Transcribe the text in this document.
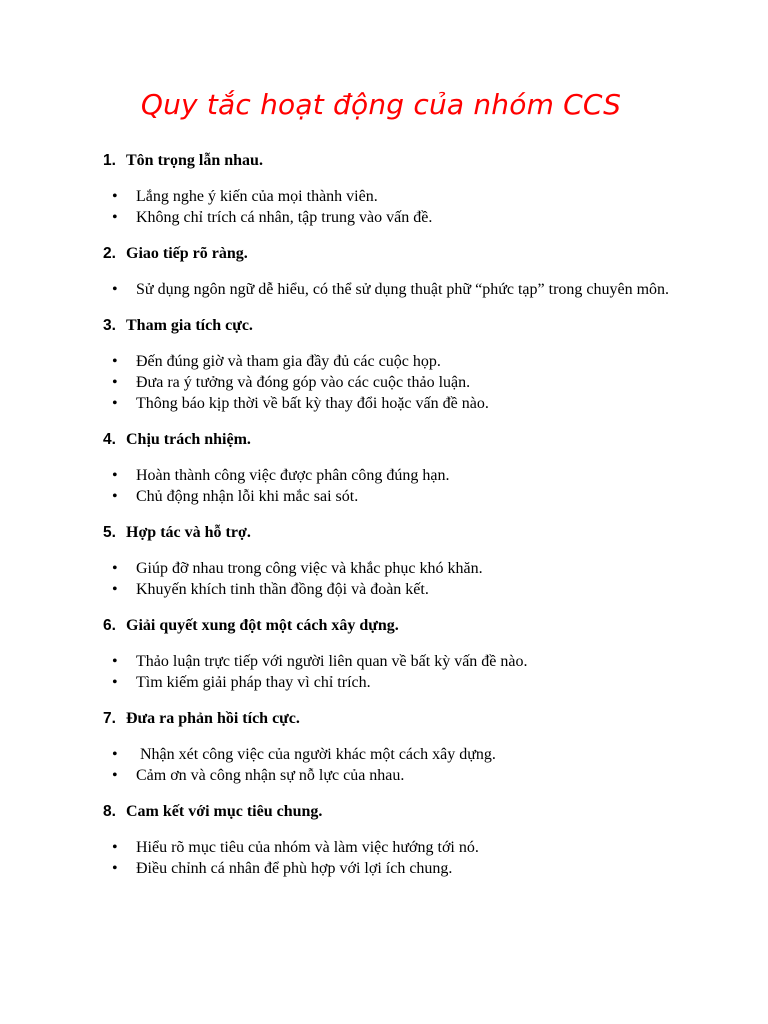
Quy tắc hoạt động của nhóm CCS
1. Tôn trọng lẫn nhau.
• Lắng nghe ý kiến của mọi thành viên.
• Không chỉ trích cá nhân, tập trung vào vấn đề.
2. Giao tiếp rõ ràng.
• Sử dụng ngôn ngữ dễ hiểu, có thể sử dụng thuật phữ “phức tạp” trong chuyên môn.
3. Tham gia tích cực.
• Đến đúng giờ và tham gia đầy đủ các cuộc họp.
• Đưa ra ý tưởng và đóng góp vào các cuộc thảo luận.
• Thông báo kịp thời về bất kỳ thay đổi hoặc vấn đề nào.
4. Chịu trách nhiệm.
• Hoàn thành công việc được phân công đúng hạn.
• Chủ động nhận lỗi khi mắc sai sót.
5. Hợp tác và hỗ trợ.
• Giúp đỡ nhau trong công việc và khắc phục khó khăn.
• Khuyến khích tinh thần đồng đội và đoàn kết.
6. Giải quyết xung đột một cách xây dựng.
• Thảo luận trực tiếp với người liên quan về bất kỳ vấn đề nào.
• Tìm kiếm giải pháp thay vì chỉ trích.
7. Đưa ra phản hồi tích cực.
• Nhận xét công việc của người khác một cách xây dựng.
• Cảm ơn và công nhận sự nỗ lực của nhau.
8. Cam kết với mục tiêu chung.
• Hiểu rõ mục tiêu của nhóm và làm việc hướng tới nó.
• Điều chỉnh cá nhân để phù hợp với lợi ích chung.
